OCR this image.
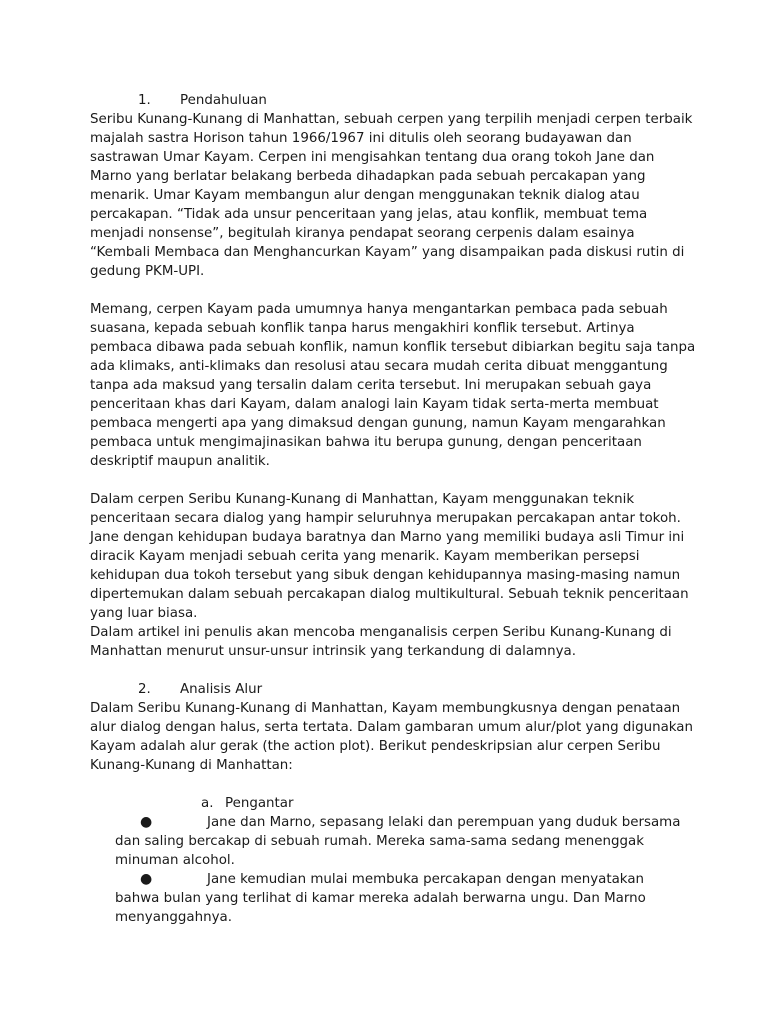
1. Pendahuluan

Seribu Kunang-Kunang di Manhattan, sebuah cerpen yang terpilih menjadi cerpen terbaik majalah sastra Horison tahun 1966/1967 ini ditulis oleh seorang budayawan dan sastrawan Umar Kayam. Cerpen ini mengisahkan tentang dua orang tokoh Jane dan Marno yang berlatar belakang berbeda dihadapkan pada sebuah percakapan yang menarik. Umar Kayam membangun alur dengan menggunakan teknik dialog atau percakapan. “Tidak ada unsur penceritaan yang jelas, atau konflik, membuat tema menjadi nonsense”, begitulah kiranya pendapat seorang cerpenis dalam esainya “Kembali Membaca dan Menghancurkan Kayam” yang disampaikan pada diskusi rutin di gedung PKM-UPI.

Memang, cerpen Kayam pada umumnya hanya mengantarkan pembaca pada sebuah suasana, kepada sebuah konflik tanpa harus mengakhiri konflik tersebut. Artinya pembaca dibawa pada sebuah konflik, namun konflik tersebut dibiarkan begitu saja tanpa ada klimaks, anti-klimaks dan resolusi atau secara mudah cerita dibuat menggantung tanpa ada maksud yang tersalin dalam cerita tersebut. Ini merupakan sebuah gaya penceritaan khas dari Kayam, dalam analogi lain Kayam tidak serta-merta membuat pembaca mengerti apa yang dimaksud dengan gunung, namun Kayam mengarahkan pembaca untuk mengimajinasikan bahwa itu berupa gunung, dengan penceritaan deskriptif maupun analitik.

Dalam cerpen Seribu Kunang-Kunang di Manhattan, Kayam menggunakan teknik penceritaan secara dialog yang hampir seluruhnya merupakan percakapan antar tokoh. Jane dengan kehidupan budaya baratnya dan Marno yang memiliki budaya asli Timur ini diracik Kayam menjadi sebuah cerita yang menarik. Kayam memberikan persepsi kehidupan dua tokoh tersebut yang sibuk dengan kehidupannya masing-masing namun dipertemukan dalam sebuah percakapan dialog multikultural. Sebuah teknik penceritaan yang luar biasa.

Dalam artikel ini penulis akan mencoba menganalisis cerpen Seribu Kunang-Kunang di Manhattan menurut unsur-unsur intrinsik yang terkandung di dalamnya.

2. Analisis Alur

Dalam Seribu Kunang-Kunang di Manhattan, Kayam membungkusnya dengan penataan alur dialog dengan halus, serta tertata. Dalam gambaran umum alur/plot yang digunakan Kayam adalah alur gerak (the action plot). Berikut pendeskripsian alur cerpen Seribu Kunang-Kunang di Manhattan:

a. Pengantar
●	Jane dan Marno, sepasang lelaki dan perempuan yang duduk bersama
dan saling bercakap di sebuah rumah. Mereka sama-sama sedang menenggak minuman alcohol.
●	Jane kemudian mulai membuka percakapan dengan menyatakan
bahwa bulan yang terlihat di kamar mereka adalah berwarna ungu. Dan Marno menyanggahnya.
